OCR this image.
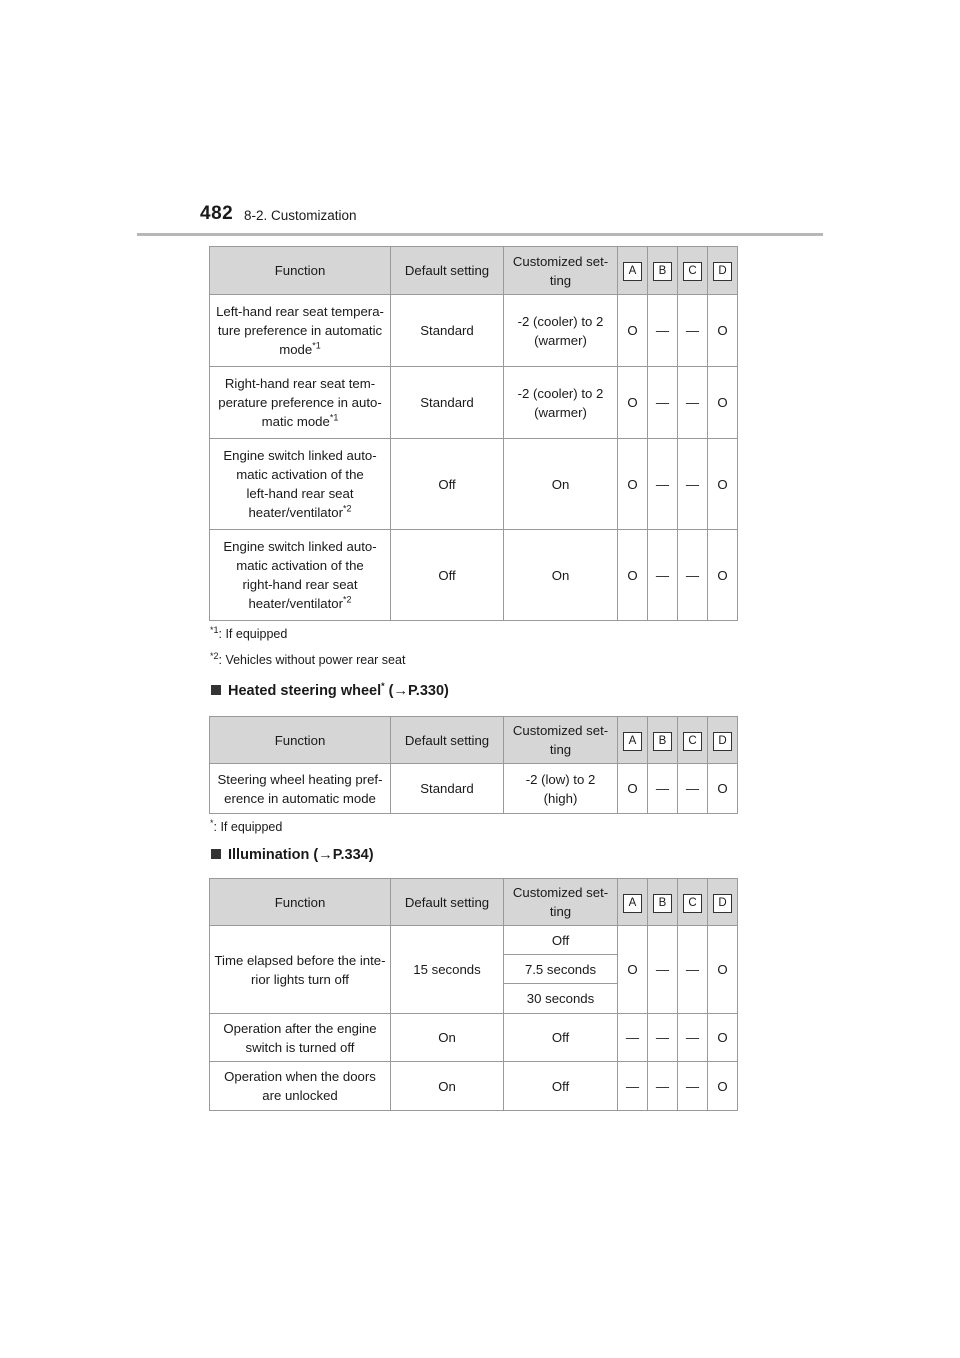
482 8-2. Customization
Function	Default setting	Customized set-
ting	A	B	C	D
Left-hand rear seat tempera-
ture preference in automatic
mode$^{*1}$	Standard	-2 (cooler) to 2
(warmer)	O	—	—	O
Right-hand rear seat tem-
perature preference in auto-
matic mode$^{*1}$	Standard	-2 (cooler) to 2
(warmer)	O	—	—	O
Engine switch linked auto-
matic activation of the
left-hand rear seat
heater/ventilator$^{*2}$	Off	On	O	—	—	O
Engine switch linked auto-
matic activation of the
right-hand rear seat
heater/ventilator$^{*2}$	Off	On	O	—	—	O
$^{*1}$: If equipped
$^{*2}$: Vehicles without power rear seat
Heated steering wheel* (→P.330)
Function	Default setting	Customized set-
ting	A	B	C	D
Steering wheel heating pref-
erence in automatic mode	Standard	-2 (low) to 2
(high)	O	—	—	O
*: If equipped
Illumination (→P.334)
Function	Default setting	Customized set-
ting	A	B	C	D
Time elapsed before the inte-
rior lights turn off	15 seconds	Off	O	—	—	O
		7.5 seconds				
		30 seconds				
Operation after the engine
switch is turned off	On	Off	—	—	—	O
Operation when the doors
are unlocked	On	Off	—	—	—	O
